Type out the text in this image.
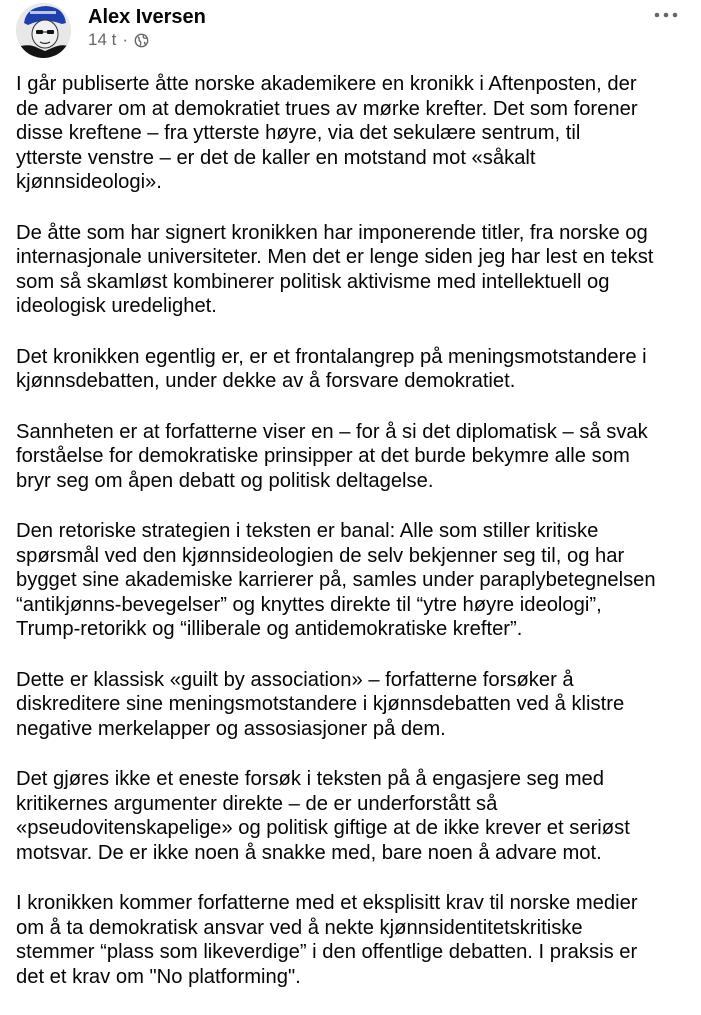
Alex Iversen
14 t ·

I går publiserte åtte norske akademikere en kronikk i Aftenposten, der
de advarer om at demokratiet trues av mørke krefter. Det som forener
disse kreftene – fra ytterste høyre, via det sekulære sentrum, til
ytterste venstre – er det de kaller en motstand mot «såkalt
kjønnsideologi».

De åtte som har signert kronikken har imponerende titler, fra norske og
internasjonale universiteter. Men det er lenge siden jeg har lest en tekst
som så skamløst kombinerer politisk aktivisme med intellektuell og
ideologisk uredelighet.

Det kronikken egentlig er, er et frontalangrep på meningsmotstandere i
kjønnsdebatten, under dekke av å forsvare demokratiet.

Sannheten er at forfatterne viser en – for å si det diplomatisk – så svak
forståelse for demokratiske prinsipper at det burde bekymre alle som
bryr seg om åpen debatt og politisk deltagelse.

Den retoriske strategien i teksten er banal: Alle som stiller kritiske
spørsmål ved den kjønnsideologien de selv bekjenner seg til, og har
bygget sine akademiske karrierer på, samles under paraplybetegnelsen
“antikjønns-bevegelser” og knyttes direkte til “ytre høyre ideologi”,
Trump-retorikk og “illiberale og antidemokratiske krefter”.

Dette er klassisk «guilt by association» – forfatterne forsøker å
diskreditere sine meningsmotstandere i kjønnsdebatten ved å klistre
negative merkelapper og assosiasjoner på dem.

Det gjøres ikke et eneste forsøk i teksten på å engasjere seg med
kritikernes argumenter direkte – de er underforstått så
«pseudovitenskapelige» og politisk giftige at de ikke krever et seriøst
motsvar. De er ikke noen å snakke med, bare noen å advare mot.

I kronikken kommer forfatterne med et eksplisitt krav til norske medier
om å ta demokratisk ansvar ved å nekte kjønnsidentitetskritiske
stemmer “plass som likeverdige” i den offentlige debatten. I praksis er
det et krav om "No platforming".
